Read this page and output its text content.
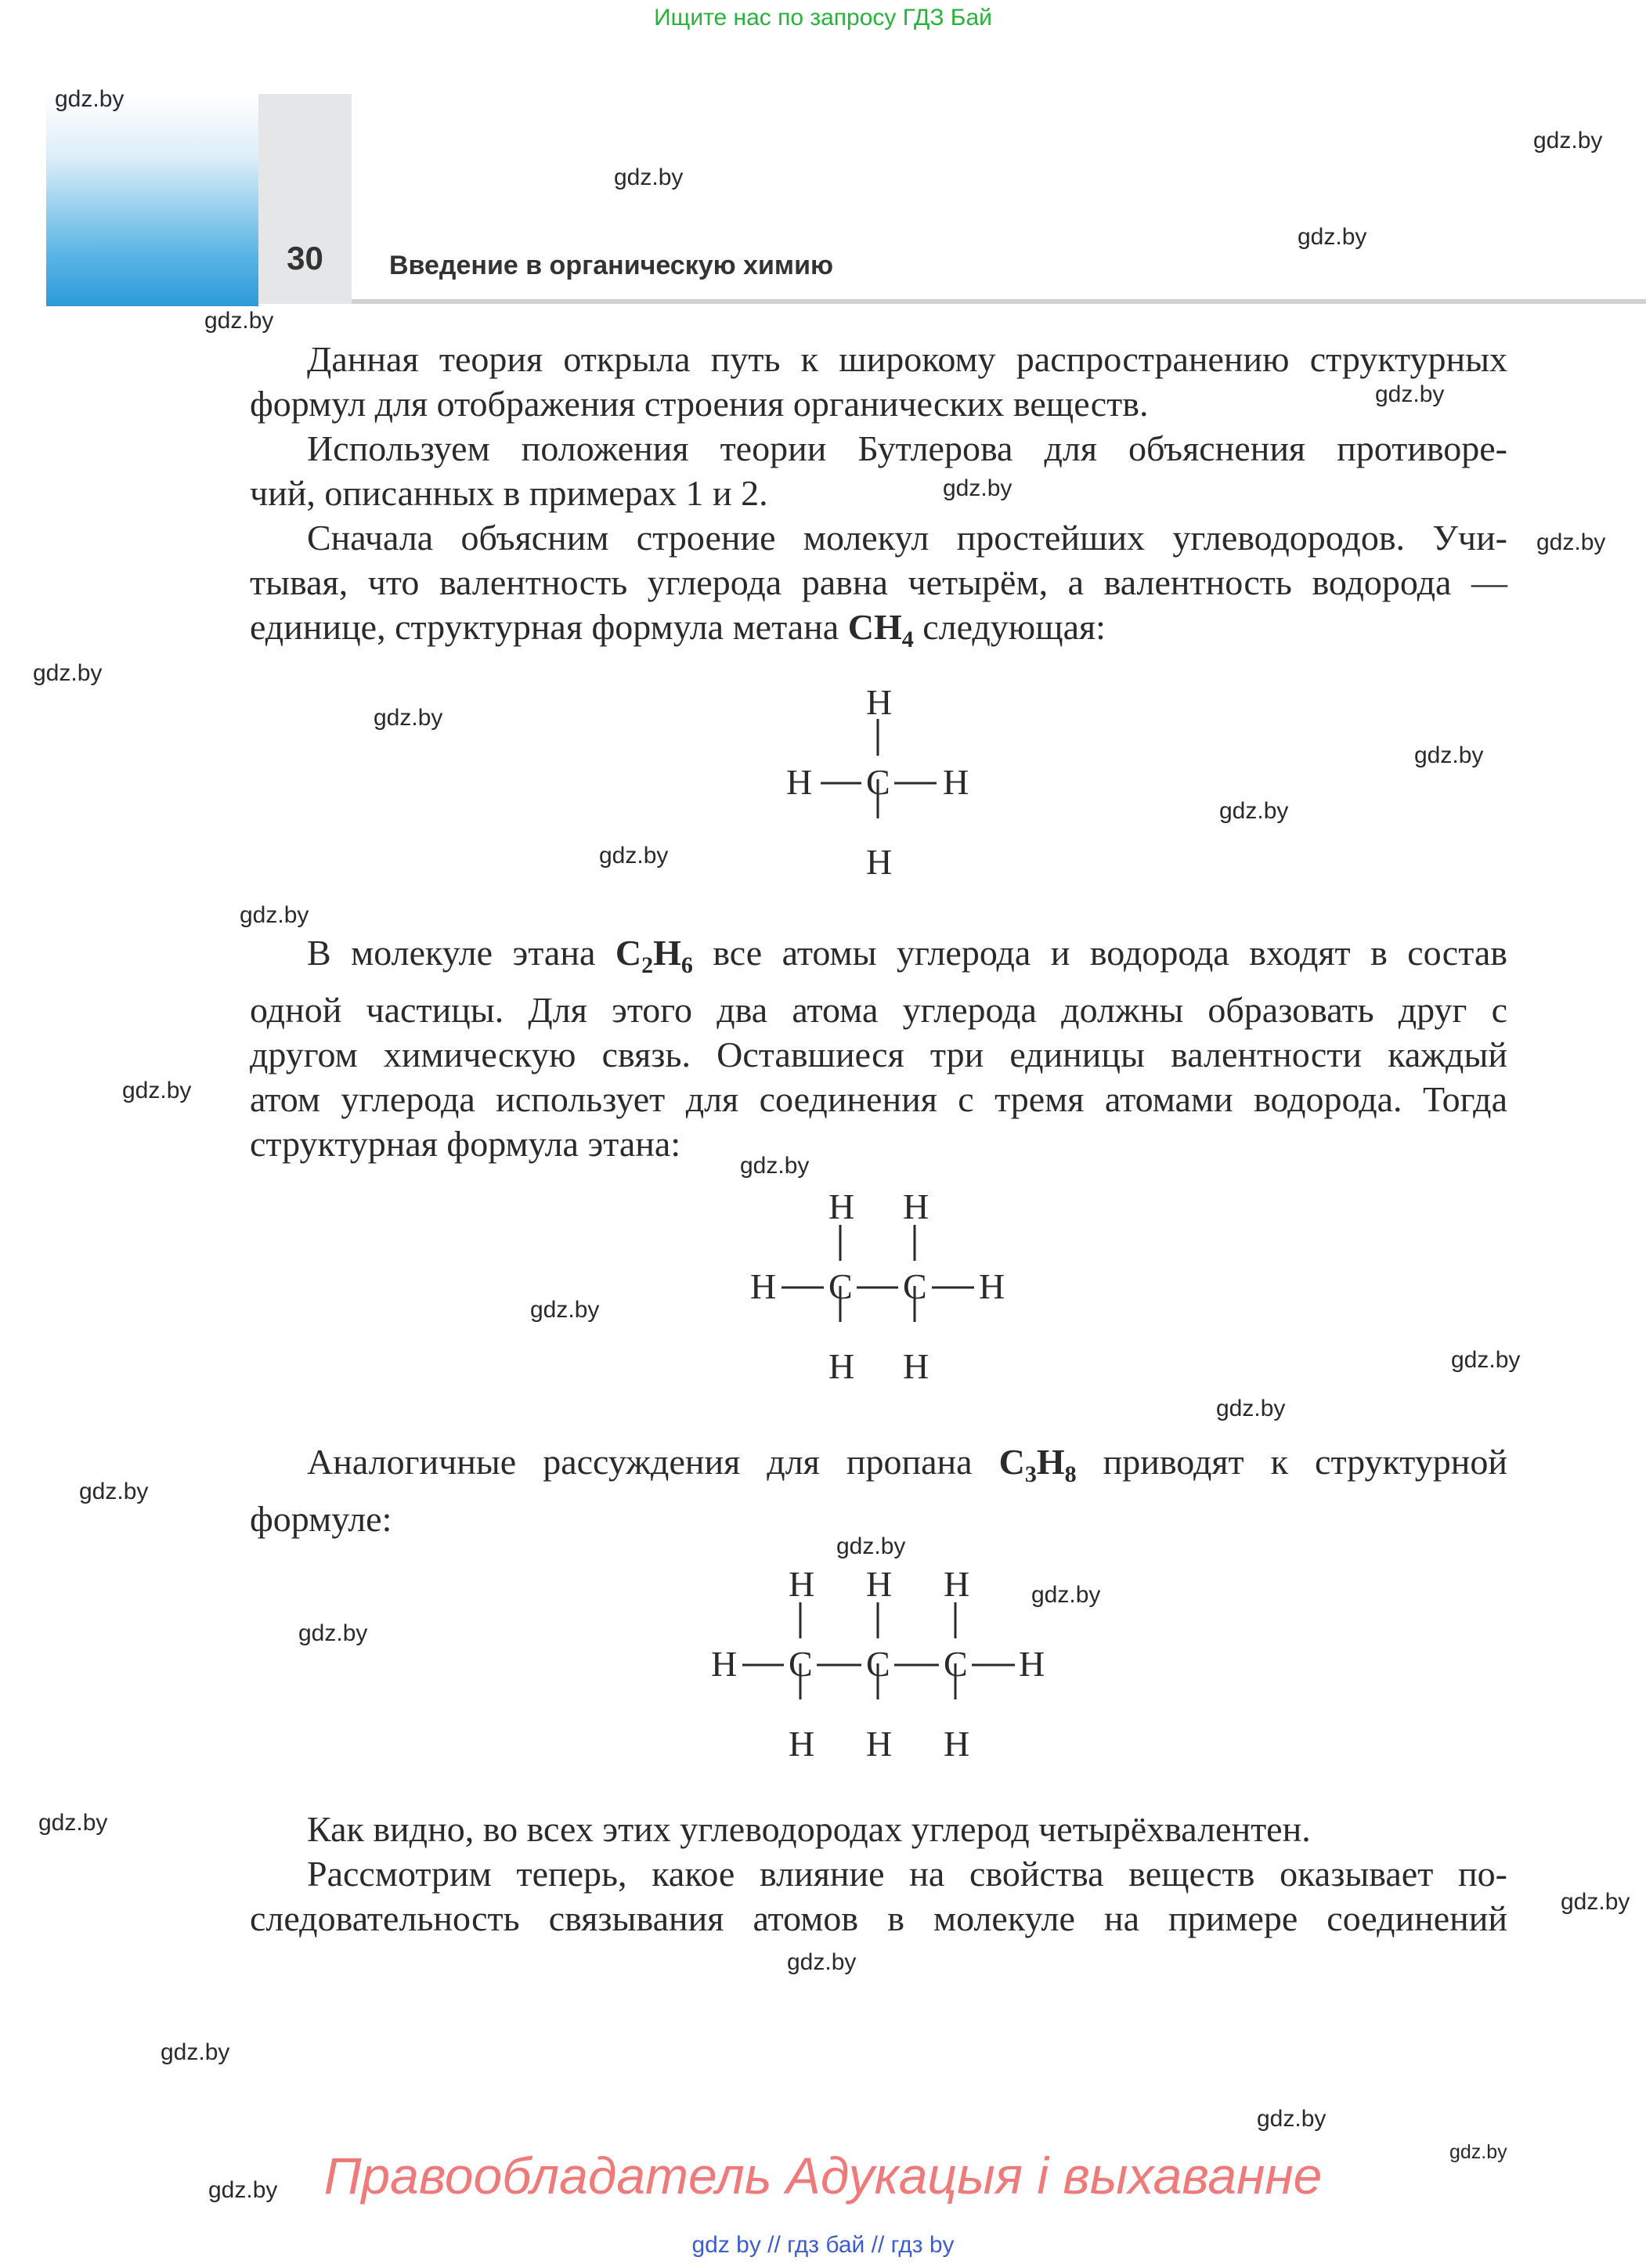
Ищите нас по запросу ГДЗ Бай
30	Введение в органическую химию
gdz.by
gdz.by
gdz.by
gdz.by
gdz.by
gdz.by
gdz.by
gdz.by
gdz.by
gdz.by
gdz.by
gdz.by
gdz.by
gdz.by
gdz.by
gdz.by
gdz.by
gdz.by
gdz.by
gdz.by
gdz.by
gdz.by
gdz.by
gdz.by
gdz.by
gdz.by
gdz.by
gdz.by
gdz.by
gdz.by
Данная теория открыла путь к широкому распространению структурных
формул для отображения строения органических веществ.
Используем положения теории Бутлерова для объяснения противоре-
чий, описанных в примерах 1 и 2.
Сначала объясним строение молекул простейших углеводородов. Учи-
тывая, что валентность углерода равна четырём, а валентность водорода —
единице, структурная формула метана $CH_4$ следующая:
H
H C H
H
В молекуле этана $C_2H_6$ все атомы углерода и водорода входят в состав
одной частицы. Для этого два атома углерода должны образовать друг с
другом химическую связь. Оставшиеся три единицы валентности каждый
атом углерода использует для соединения с тремя атомами водорода. Тогда
структурная формула этана:
H H
H C C H
H H
Аналогичные рассуждения для пропана $C_3H_8$ приводят к структурной
формуле:
H H H
H C C C H
H H H
Как видно, во всех этих углеводородах углерод четырёхвалентен.
Рассмотрим теперь, какое влияние на свойства веществ оказывает по-
следовательность связывания атомов в молекуле на примере соединений
Правообладатель Адукацыя і выхаванне
gdz by // гдз бай // гдз by
